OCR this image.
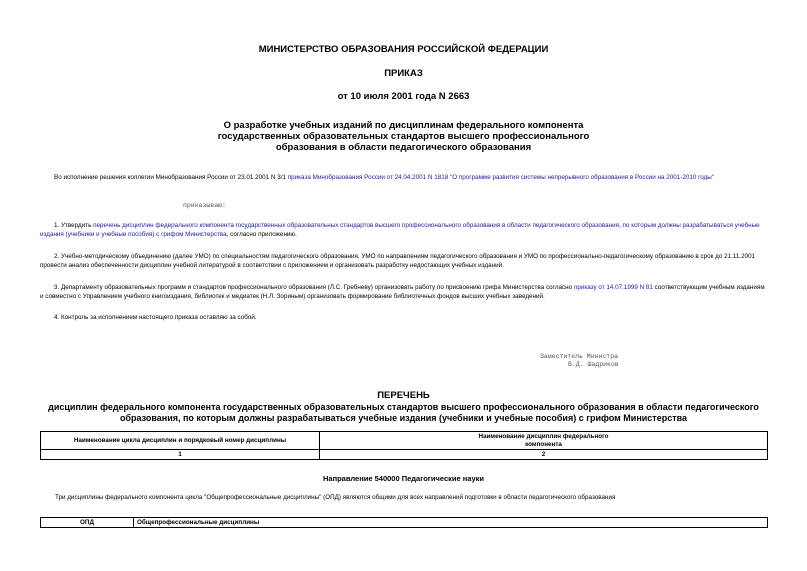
МИНИСТЕРСТВО ОБРАЗОВАНИЯ РОССИЙСКОЙ ФЕДЕРАЦИИ
ПРИКАЗ
от 10 июля 2001 года N 2663
О разработке учебных изданий по дисциплинам федерального компонента
государственных образовательных стандартов высшего профессионального
образования в области педагогического образования
Во исполнение решения коллегии Минобразования России от 23.01.2001 N 3/1 приказа Минобразования России от 24.04.2001 N 1818 "О программе развития системы непрерывного образования в России на 2001-2010 годы"
приказываю:
1. Утвердить перечень дисциплин федерального компонента государственных образовательных стандартов высшего профессионального образования в области педагогического образования, по которым должны разрабатываться учебные издания (учебники и учебные пособия) с грифом Министерства, согласно приложению.
2. Учебно-методическому объединению (далее УМО) по специальностям педагогического образования, УМО по направлениям педагогического образования и УМО по профессионально-педагогическому образованию в срок до 21.11.2001 провести анализ обеспеченности дисциплин учебной литературой в соответствии с приложением и организовать разработку недостающих учебных изданий.
3. Департаменту образовательных программ и стандартов профессионального образования (Л.С. Гребневу) организовать работу по присвоению грифа Министерства согласно приказу от 14.07.1999 N 81 соответствующим учебным изданиям и совместно с Управлением учебного книгоиздания, библиотек и медиатек (Н.Л. Зориным) организовать формирование библиотечных фондов высших учебных заведений.
4. Контроль за исполнением настоящего приказа оставляю за собой.
Заместитель Министра
В.Д. Шадриков
ПЕРЕЧЕНЬ
дисциплин федерального компонента государственных образовательных стандартов высшего профессионального образования в области педагогического
образования, по которым должны разрабатываться учебные издания (учебники и учебные пособия) с грифом Министерства
Наименование цикла дисциплин и порядковый номер дисциплины	Наименование дисциплин федерального
компонента

1	2
Направление 540000 Педагогические науки
Три дисциплины федерального компонента цикла "Общепрофессиональные дисциплины" (ОПД) являются общими для всех направлений подготовки в области педагогического образования
ОПД	Общепрофессиональные дисциплины
